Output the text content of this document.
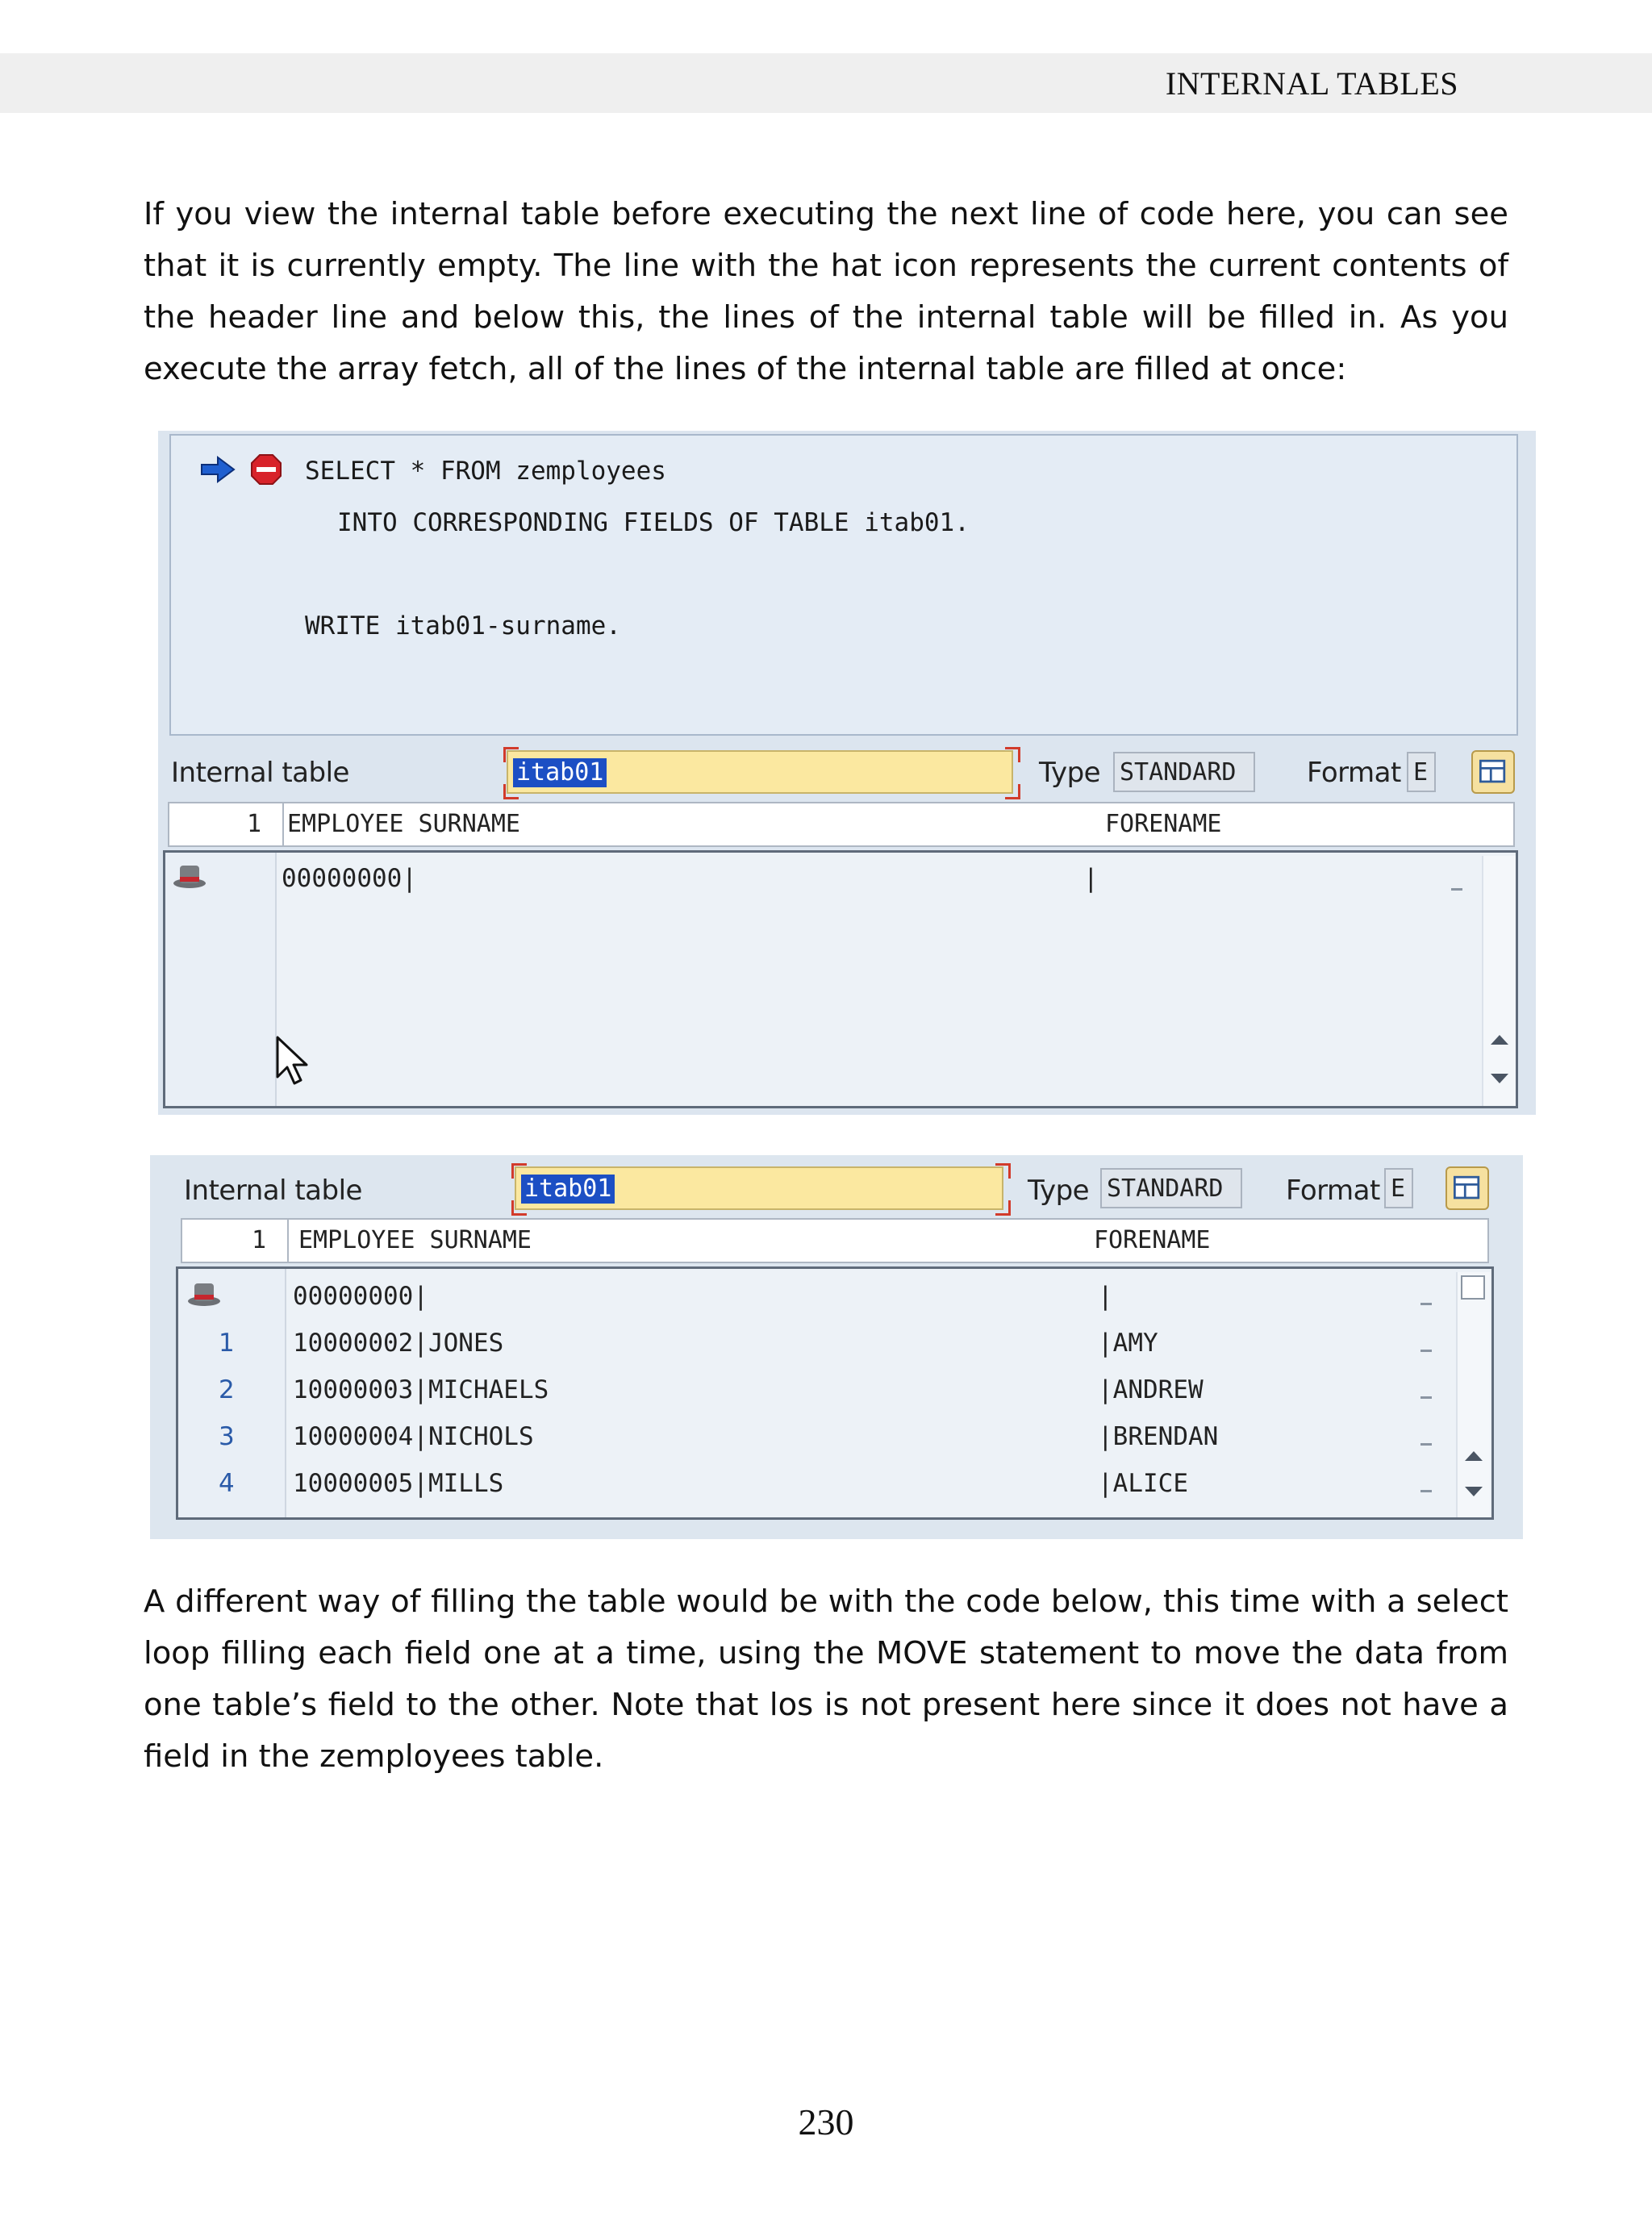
INTERNAL TABLES
If you view the internal table before executing the next line of code here, you can see that it is currently empty. The line with the hat icon represents the current contents of the header line and below this, the lines of the internal table will be filled in. As you execute the array fetch, all of the lines of the internal table are filled at once:
SELECT * FROM zemployees
INTO CORRESPONDING FIELDS OF TABLE itab01.
WRITE itab01-surname.
Internal table	itab01	Type STANDARD	Format E
1	EMPLOYEE SURNAME	FORENAME
00000000|	|
Internal table	itab01	Type STANDARD	Format E
1	EMPLOYEE SURNAME	FORENAME
00000000|	|
1 10000002|JONES	|AMY
2 10000003|MICHAELS	|ANDREW
3 10000004|NICHOLS	|BRENDAN
4 10000005|MILLS	|ALICE
A different way of filling the table would be with the code below, this time with a select loop filling each field one at a time, using the MOVE statement to move the data from one table’s field to the other. Note that los is not present here since it does not have a field in the zemployees table.
230
